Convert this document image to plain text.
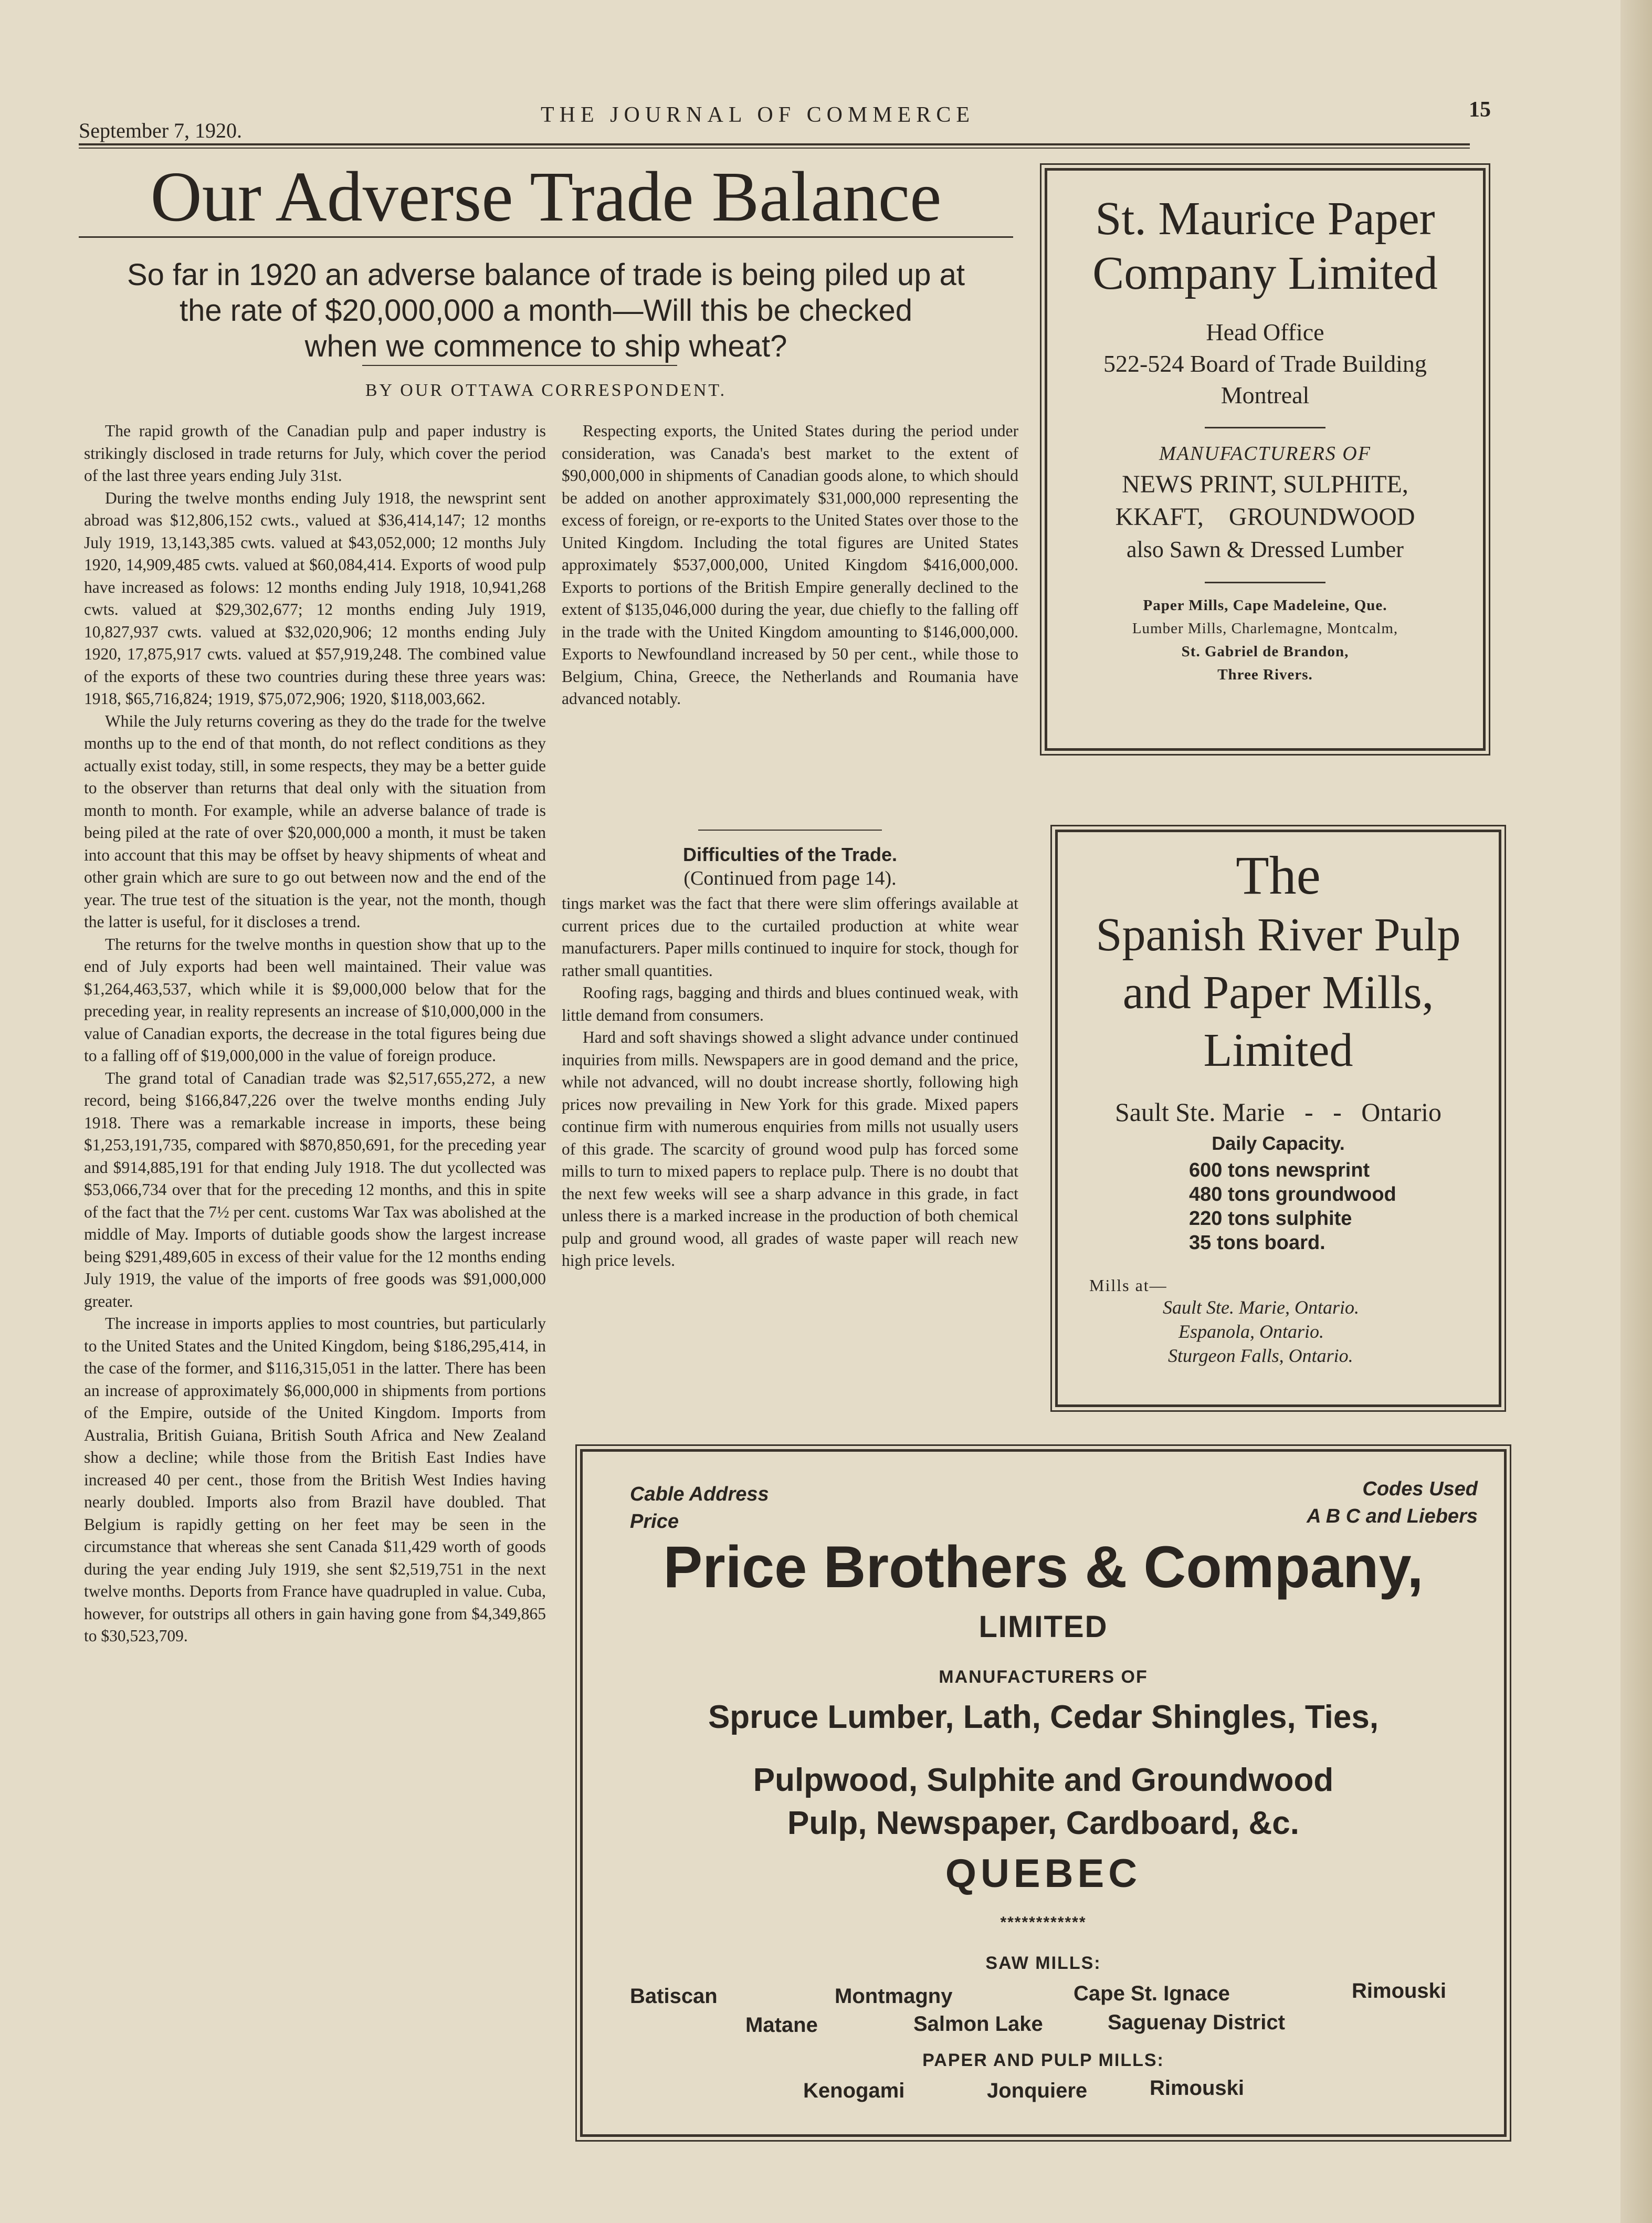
September 7, 1920.
THE JOURNAL OF COMMERCE	15
Our Adverse Trade Balance
So far in 1920 an adverse balance of trade is being piled up at
the rate of $20,000,000 a month—Will this be checked
when we commence to ship wheat?
BY OUR OTTAWA CORRESPONDENT.

The rapid growth of the Canadian pulp and paper industry is strikingly disclosed in trade returns for July, which cover the period of the last three years ending July 31st.

During the twelve months ending July 1918, the newsprint sent abroad was $12,806,152 cwts., valued at $36,414,147; 12 months July 1919, 13,143,385 cwts. valued at $43,052,000; 12 months July 1920, 14,909,485 cwts. valued at $60,084,414. Exports of wood pulp have increased as folows: 12 months ending July 1918, 10,941,268 cwts. valued at $29,302,677; 12 months ending July 1919, 10,827,937 cwts. valued at $32,020,906; 12 months ending July 1920, 17,875,917 cwts. valued at $57,919,248. The combined value of the exports of these two countries during these three years was: 1918, $65,716,824; 1919, $75,072,906; 1920, $118,003,662.

While the July returns covering as they do the trade for the twelve months up to the end of that month, do not reflect conditions as they actually exist today, still, in some respects, they may be a better guide to the observer than returns that deal only with the situation from month to month. For example, while an adverse balance of trade is being piled at the rate of over $20,000,000 a month, it must be taken into account that this may be offset by heavy shipments of wheat and other grain which are sure to go out between now and the end of the year. The true test of the situation is the year, not the month, though the latter is useful, for it discloses a trend.

The returns for the twelve months in question show that up to the end of July exports had been well maintained. Their value was $1,264,463,537, which while it is $9,000,000 below that for the preceding year, in reality represents an increase of $10,000,000 in the value of Canadian exports, the decrease in the total figures being due to a falling off of $19,000,000 in the value of foreign produce.

The grand total of Canadian trade was $2,517,655,272, a new record, being $166,847,226 over the twelve months ending July 1918. There was a remarkable increase in imports, these being $1,253,191,735, compared with $870,850,691, for the preceding year and $914,885,191 for that ending July 1918. The dut ycollected was $53,066,734 over that for the preceding 12 months, and this in spite of the fact that the 7½ per cent. customs War Tax was abolished at the middle of May. Imports of dutiable goods show the largest increase being $291,489,605 in excess of their value for the 12 months ending July 1919, the value of the imports of free goods was $91,000,000 greater.

The increase in imports applies to most countries, but particularly to the United States and the United Kingdom, being $186,295,414, in the case of the former, and $116,315,051 in the latter. There has been an increase of approximately $6,000,000 in shipments from portions of the Empire, outside of the United Kingdom. Imports from Australia, British Guiana, British South Africa and New Zealand show a decline; while those from the British East Indies have increased 40 per cent., those from the British West Indies having nearly doubled. Imports also from Brazil have doubled. That Belgium is rapidly getting on her feet may be seen in the circumstance that whereas she sent Canada $11,429 worth of goods during the year ending July 1919, she sent $2,519,751 in the next twelve months. Deports from France have quadrupled in value. Cuba, however, for outstrips all others in gain having gone from $4,349,865 to $30,523,709.

Respecting exports, the United States during the period under consideration, was Canada's best market to the extent of $90,000,000 in shipments of Canadian goods alone, to which should be added on another approximately $31,000,000 representing the excess of foreign, or re-exports to the United States over those to the United Kingdom. Including the total figures are United States approximately $537,000,000, United Kingdom $416,000,000. Exports to portions of the British Empire generally declined to the extent of $135,046,000 during the year, due chiefly to the falling off in the trade with the United Kingdom amounting to $146,000,000. Exports to Newfoundland increased by 50 per cent., while those to Belgium, China, Greece, the Netherlands and Roumania have advanced notably.

Difficulties of the Trade.
(Continued from page 14).

tings market was the fact that there were slim offerings available at current prices due to the curtailed production at white wear manufacturers. Paper mills continued to inquire for stock, though for rather small quantities.

Roofing rags, bagging and thirds and blues continued weak, with little demand from consumers.

Hard and soft shavings showed a slight advance under continued inquiries from mills. Newspapers are in good demand and the price, while not advanced, will no doubt increase shortly, following high prices now prevailing in New York for this grade. Mixed papers continue firm with numerous enquiries from mills not usually users of this grade. The scarcity of ground wood pulp has forced some mills to turn to mixed papers to replace pulp. There is no doubt that the next few weeks will see a sharp advance in this grade, in fact unless there is a marked increase in the production of both chemical pulp and ground wood, all grades of waste paper will reach new high price levels.

St. Maurice Paper
Company Limited
Head Office
522-524 Board of Trade Building
Montreal
MANUFACTURERS OF
NEWS PRINT, SULPHITE,
KKAFT,    GROUNDWOOD
also Sawn & Dressed Lumber
Paper Mills, Cape Madeleine, Que.
Lumber Mills, Charlemagne, Montcalm,
St. Gabriel de Brandon,
Three Rivers.
The
Spanish River Pulp
and Paper Mills,
Limited
Sault Ste. Marie   -   -   Ontario
Daily Capacity.
600 tons newsprint
480 tons groundwood
220 tons sulphite
35 tons board.
Mills at—
Sault Ste. Marie, Ontario.
Espanola, Ontario.
Sturgeon Falls, Ontario.
Cable Address
Price
Codes Used
A B C and Liebers
Price Brothers & Company,
LIMITED
MANUFACTURERS OF
Spruce Lumber, Lath, Cedar Shingles, Ties,
Pulpwood, Sulphite and Groundwood
Pulp, Newspaper, Cardboard, &c.
QUEBEC
************
SAW MILLS:
Batiscan	Montmagny	Cape St. Ignace	Rimouski
Matane	Salmon Lake	Saguenay District
PAPER AND PULP MILLS:
Kenogami	Jonquiere	Rimouski
